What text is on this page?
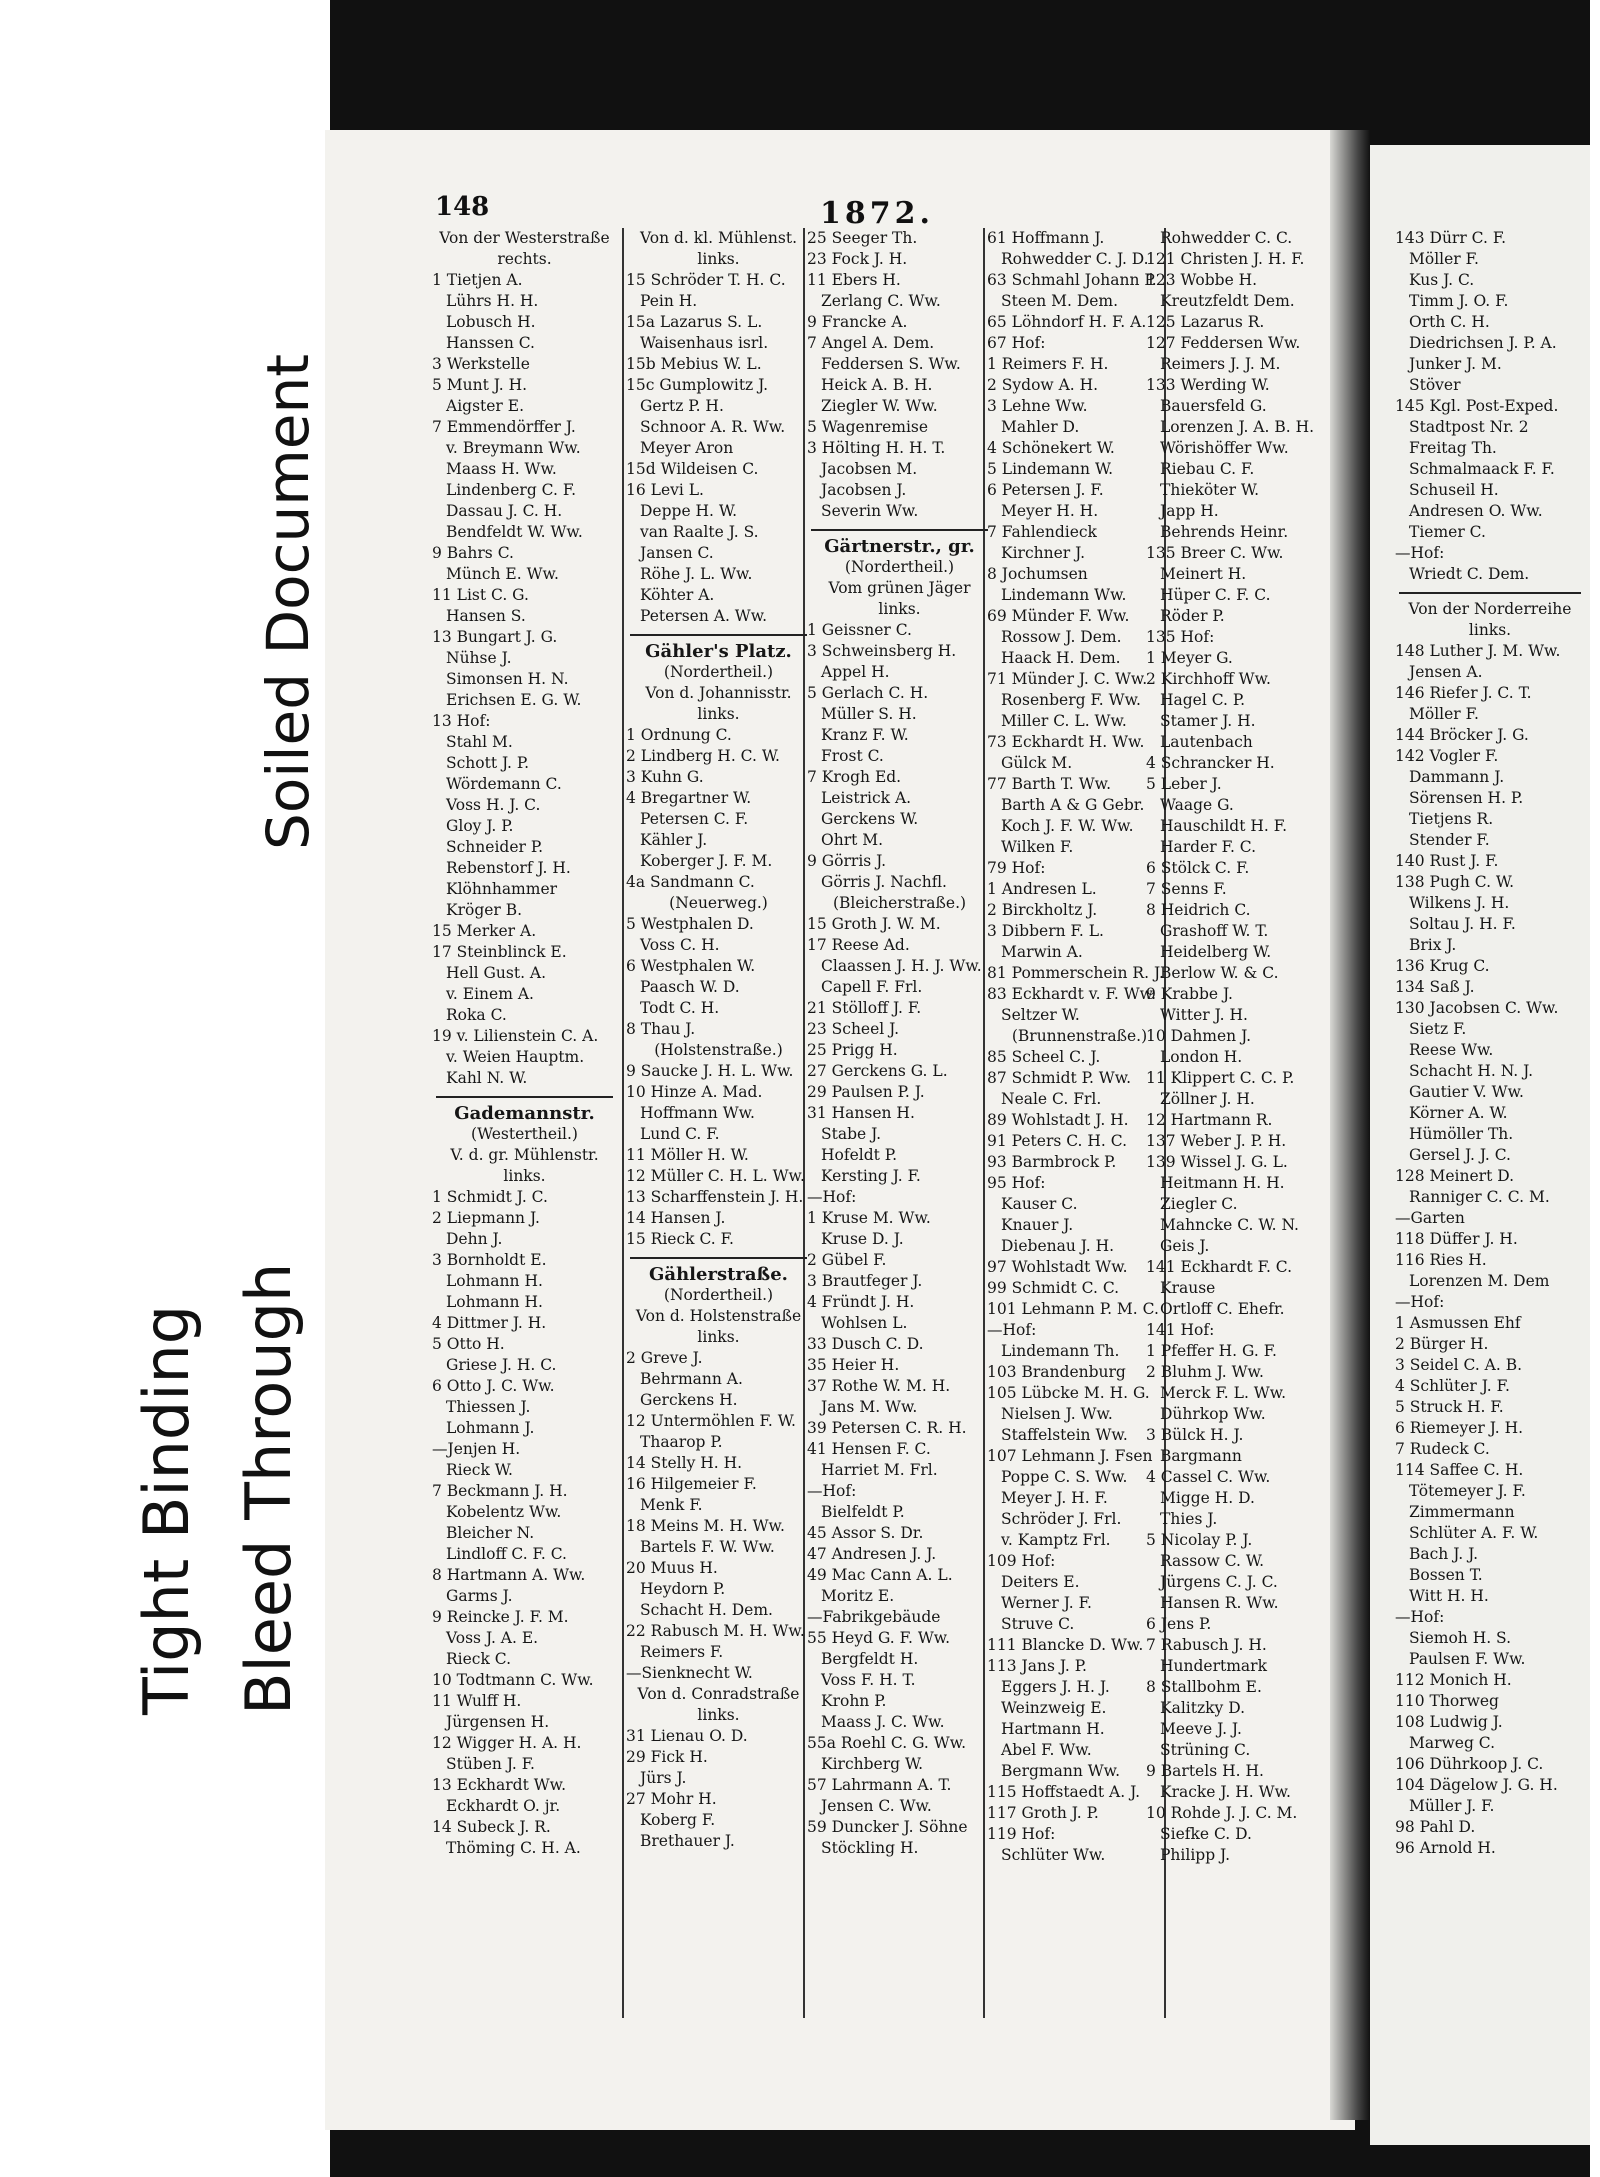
Soiled Document
Tight Binding Bleed Through
148	1872.
Von der Westerstraße
rechts.
1 Tietjen A.
Lührs H. H.
Lobusch H.
Hanssen C.
3 Werkstelle
5 Munt J. H.
Aigster E.
7 Emmendörffer J.
v. Breymann Ww.
Maass H. Ww.
Lindenberg C. F.
Dassau J. C. H.
Bendfeldt W. Ww.
9 Bahrs C.
Münch E. Ww.
11 List C. G.
Hansen S.
13 Bungart J. G.
Nühse J.
Simonsen H. N.
Erichsen E. G. W.
13 Hof:
Stahl M.
Schott J. P.
Wördemann C.
Voss H. J. C.
Gloy J. P.
Schneider P.
Rebenstorf J. H.
Klöhnhammer
Kröger B.
15 Merker A.
17 Steinblinck E.
Hell Gust. A.
v. Einem A.
Roka C.
19 v. Lilienstein C. A.
v. Weien Hauptm.
Kahl N. W.
Gademannstr.
(Westertheil.)
V. d. gr. Mühlenstr.
links.
1 Schmidt J. C.
2 Liepmann J.
Dehn J.
3 Bornholdt E.
Lohmann H.
Lohmann H.
4 Dittmer J. H.
5 Otto H.
Griese J. H. C.
6 Otto J. C. Ww.
Thiessen J.
Lohmann J.
—Jenjen H.
Rieck W.
7 Beckmann J. H.
Kobelentz Ww.
Bleicher N.
Lindloff C. F. C.
8 Hartmann A. Ww.
Garms J.
9 Reincke J. F. M.
Voss J. A. E.
Rieck C.
10 Todtmann C. Ww.
11 Wulff H.
Jürgensen H.
12 Wigger H. A. H.
Stüben J. F.
13 Eckhardt Ww.
Eckhardt O. jr.
14 Subeck J. R.
Thöming C. H. A.
Von d. kl. Mühlenst.
links.
15 Schröder T. H. C.
Pein H.
15a Lazarus S. L.
Waisenhaus isrl.
15b Mebius W. L.
15c Gumplowitz J.
Gertz P. H.
Schnoor A. R. Ww.
Meyer Aron
15d Wildeisen C.
16 Levi L.
Deppe H. W.
van Raalte J. S.
Jansen C.
Röhe J. L. Ww.
Köhter A.
Petersen A. Ww.
Gähler's Platz.
(Nordertheil.)
Von d. Johannisstr.
links.
1 Ordnung C.
2 Lindberg H. C. W.
3 Kuhn G.
4 Bregartner W.
Petersen C. F.
Kähler J.
Koberger J. F. M.
4a Sandmann C.
(Neuerweg.)
5 Westphalen D.
Voss C. H.
6 Westphalen W.
Paasch W. D.
Todt C. H.
8 Thau J.
(Holstenstraße.)
9 Saucke J. H. L. Ww.
10 Hinze A. Mad.
Hoffmann Ww.
Lund C. F.
11 Möller H. W.
12 Müller C. H. L. Ww.
13 Scharffenstein J. H.
14 Hansen J.
15 Rieck C. F.
Gählerstraße.
(Nordertheil.)
Von d. Holstenstraße
links.
2 Greve J.
Behrmann A.
Gerckens H.
12 Untermöhlen F. W.
Thaarop P.
14 Stelly H. H.
16 Hilgemeier F.
Menk F.
18 Meins M. H. Ww.
Bartels F. W. Ww.
20 Muus H.
Heydorn P.
Schacht H. Dem.
22 Rabusch M. H. Ww.
Reimers F.
—Sienknecht W.
Von d. Conradstraße
links.
31 Lienau O. D.
29 Fick H.
Jürs J.
27 Mohr H.
Koberg F.
Brethauer J.
25 Seeger Th.
23 Fock J. H.
11 Ebers H.
Zerlang C. Ww.
9 Francke A.
7 Angel A. Dem.
Feddersen S. Ww.
Heick A. B. H.
Ziegler W. Ww.
5 Wagenremise
3 Hölting H. H. T.
Jacobsen M.
Jacobsen J.
Severin Ww.
Gärtnerstr., gr.
(Nordertheil.)
Vom grünen Jäger
links.
1 Geissner C.
3 Schweinsberg H.
Appel H.
5 Gerlach C. H.
Müller S. H.
Kranz F. W.
Frost C.
7 Krogh Ed.
Leistrick A.
Gerckens W.
Ohrt M.
9 Görris J.
Görris J. Nachfl.
(Bleicherstraße.)
15 Groth J. W. M.
17 Reese Ad.
Claassen J. H. J. Ww.
Capell F. Frl.
21 Stölloff J. F.
23 Scheel J.
25 Prigg H.
27 Gerckens G. L.
29 Paulsen P. J.
31 Hansen H.
Stabe J.
Hofeldt P.
Kersting J. F.
—Hof:
1 Kruse M. Ww.
Kruse D. J.
2 Gübel F.
3 Brautfeger J.
4 Fründt J. H.
Wohlsen L.
33 Dusch C. D.
35 Heier H.
37 Rothe W. M. H.
Jans M. Ww.
39 Petersen C. R. H.
41 Hensen F. C.
Harriet M. Frl.
—Hof:
Bielfeldt P.
45 Assor S. Dr.
47 Andresen J. J.
49 Mac Cann A. L.
Moritz E.
—Fabrikgebäude
55 Heyd G. F. Ww.
Bergfeldt H.
Voss F. H. T.
Krohn P.
Maass J. C. Ww.
55a Roehl C. G. Ww.
Kirchberg W.
57 Lahrmann A. T.
Jensen C. Ww.
59 Duncker J. Söhne
Stöckling H.
61 Hoffmann J.
Rohwedder C. J. D.
63 Schmahl Johann P.
Steen M. Dem.
65 Löhndorf H. F. A.
67 Hof:
1 Reimers F. H.
2 Sydow A. H.
3 Lehne Ww.
Mahler D.
4 Schönekert W.
5 Lindemann W.
6 Petersen J. F.
Meyer H. H.
7 Fahlendieck
Kirchner J.
8 Jochumsen
Lindemann Ww.
69 Münder F. Ww.
Rossow J. Dem.
Haack H. Dem.
71 Münder J. C. Ww.
Rosenberg F. Ww.
Miller C. L. Ww.
73 Eckhardt H. Ww.
Gülck M.
77 Barth T. Ww.
Barth A & G Gebr.
Koch J. F. W. Ww.
Wilken F.
79 Hof:
1 Andresen L.
2 Birckholtz J.
3 Dibbern F. L.
Marwin A.
81 Pommerschein R. J.
83 Eckhardt v. F. Ww.
Seltzer W.
(Brunnenstraße.)
85 Scheel C. J.
87 Schmidt P. Ww.
Neale C. Frl.
89 Wohlstadt J. H.
91 Peters C. H. C.
93 Barmbrock P.
95 Hof:
Kauser C.
Knauer J.
Diebenau J. H.
97 Wohlstadt Ww.
99 Schmidt C. C.
101 Lehmann P. M. C.
—Hof:
Lindemann Th.
103 Brandenburg
105 Lübcke M. H. G.
Nielsen J. Ww.
Staffelstein Ww.
107 Lehmann J. Fsen
Poppe C. S. Ww.
Meyer J. H. F.
Schröder J. Frl.
v. Kamptz Frl.
109 Hof:
Deiters E.
Werner J. F.
Struve C.
111 Blancke D. Ww.
113 Jans J. P.
Eggers J. H. J.
Weinzweig E.
Hartmann H.
Abel F. Ww.
Bergmann Ww.
115 Hoffstaedt A. J.
117 Groth J. P.
119 Hof:
Schlüter Ww.
Rohwedder C. C.
121 Christen J. H. F.
123 Wobbe H.
Kreutzfeldt Dem.
125 Lazarus R.
127 Feddersen Ww.
Reimers J. J. M.
133 Werding W.
Bauersfeld G.
Lorenzen J. A. B. H.
Wörishöffer Ww.
Riebau C. F.
Thieköter W.
Japp H.
Behrends Heinr.
135 Breer C. Ww.
Meinert H.
Hüper C. F. C.
Röder P.
135 Hof:
1 Meyer G.
2 Kirchhoff Ww.
Hagel C. P.
Stamer J. H.
Lautenbach
4 Schrancker H.
5 Leber J.
Waage G.
Hauschildt H. F.
Harder F. C.
6 Stölck C. F.
7 Senns F.
8 Heidrich C.
Grashoff W. T.
Heidelberg W.
Berlow W. & C.
9 Krabbe J.
Witter J. H.
10 Dahmen J.
London H.
11 Klippert C. C. P.
Zöllner J. H.
12 Hartmann R.
137 Weber J. P. H.
139 Wissel J. G. L.
Heitmann H. H.
Ziegler C.
Mahncke C. W. N.
Geis J.
141 Eckhardt F. C.
Krause
Ortloff C. Ehefr.
141 Hof:
1 Pfeffer H. G. F.
2 Bluhm J. Ww.
Merck F. L. Ww.
Dührkop Ww.
3 Bülck H. J.
Bargmann
4 Cassel C. Ww.
Migge H. D.
Thies J.
5 Nicolay P. J.
Rassow C. W.
Jürgens C. J. C.
Hansen R. Ww.
6 Jens P.
7 Rabusch J. H.
Hundertmark
8 Stallbohm E.
Kalitzky D.
Meeve J. J.
Strüning C.
9 Bartels H. H.
Kracke J. H. Ww.
10 Rohde J. J. C. M.
Siefke C. D.
Philipp J.
143 Dürr C. F.
Möller F.
Kus J. C.
Timm J. O. F.
Orth C. H.
Diedrichsen J. P. A.
Junker J. M.
Stöver
145 Kgl. Post-Exped.
Stadtpost Nr. 2
Freitag Th.
Schmalmaack F. F.
Schuseil H.
Andresen O. Ww.
Tiemer C.
—Hof:
Wriedt C. Dem.
Von der Norderreihe
links.
148 Luther J. M. Ww.
Jensen A.
146 Riefer J. C. T.
Möller F.
144 Bröcker J. G.
142 Vogler F.
Dammann J.
Sörensen H. P.
Tietjens R.
Stender F.
140 Rust J. F.
138 Pugh C. W.
Wilkens J. H.
Soltau J. H. F.
Brix J.
136 Krug C.
134 Saß J.
130 Jacobsen C. Ww.
Sietz F.
Reese Ww.
Schacht H. N. J.
Gautier V. Ww.
Körner A. W.
Hümöller Th.
Gersel J. J. C.
128 Meinert D.
Ranniger C. C. M.
—Garten
118 Düffer J. H.
116 Ries H.
Lorenzen M. Dem
—Hof:
1 Asmussen Ehf
2 Bürger H.
3 Seidel C. A. B.
4 Schlüter J. F.
5 Struck H. F.
6 Riemeyer J. H.
7 Rudeck C.
114 Saffee C. H.
Tötemeyer J. F.
Zimmermann
Schlüter A. F. W.
Bach J. J.
Bossen T.
Witt H. H.
—Hof:
Siemoh H. S.
Paulsen F. Ww.
112 Monich H.
110 Thorweg
108 Ludwig J.
Marweg C.
106 Dührkoop J. C.
104 Dägelow J. G. H.
Müller J. F.
98 Pahl D.
96 Arnold H.
